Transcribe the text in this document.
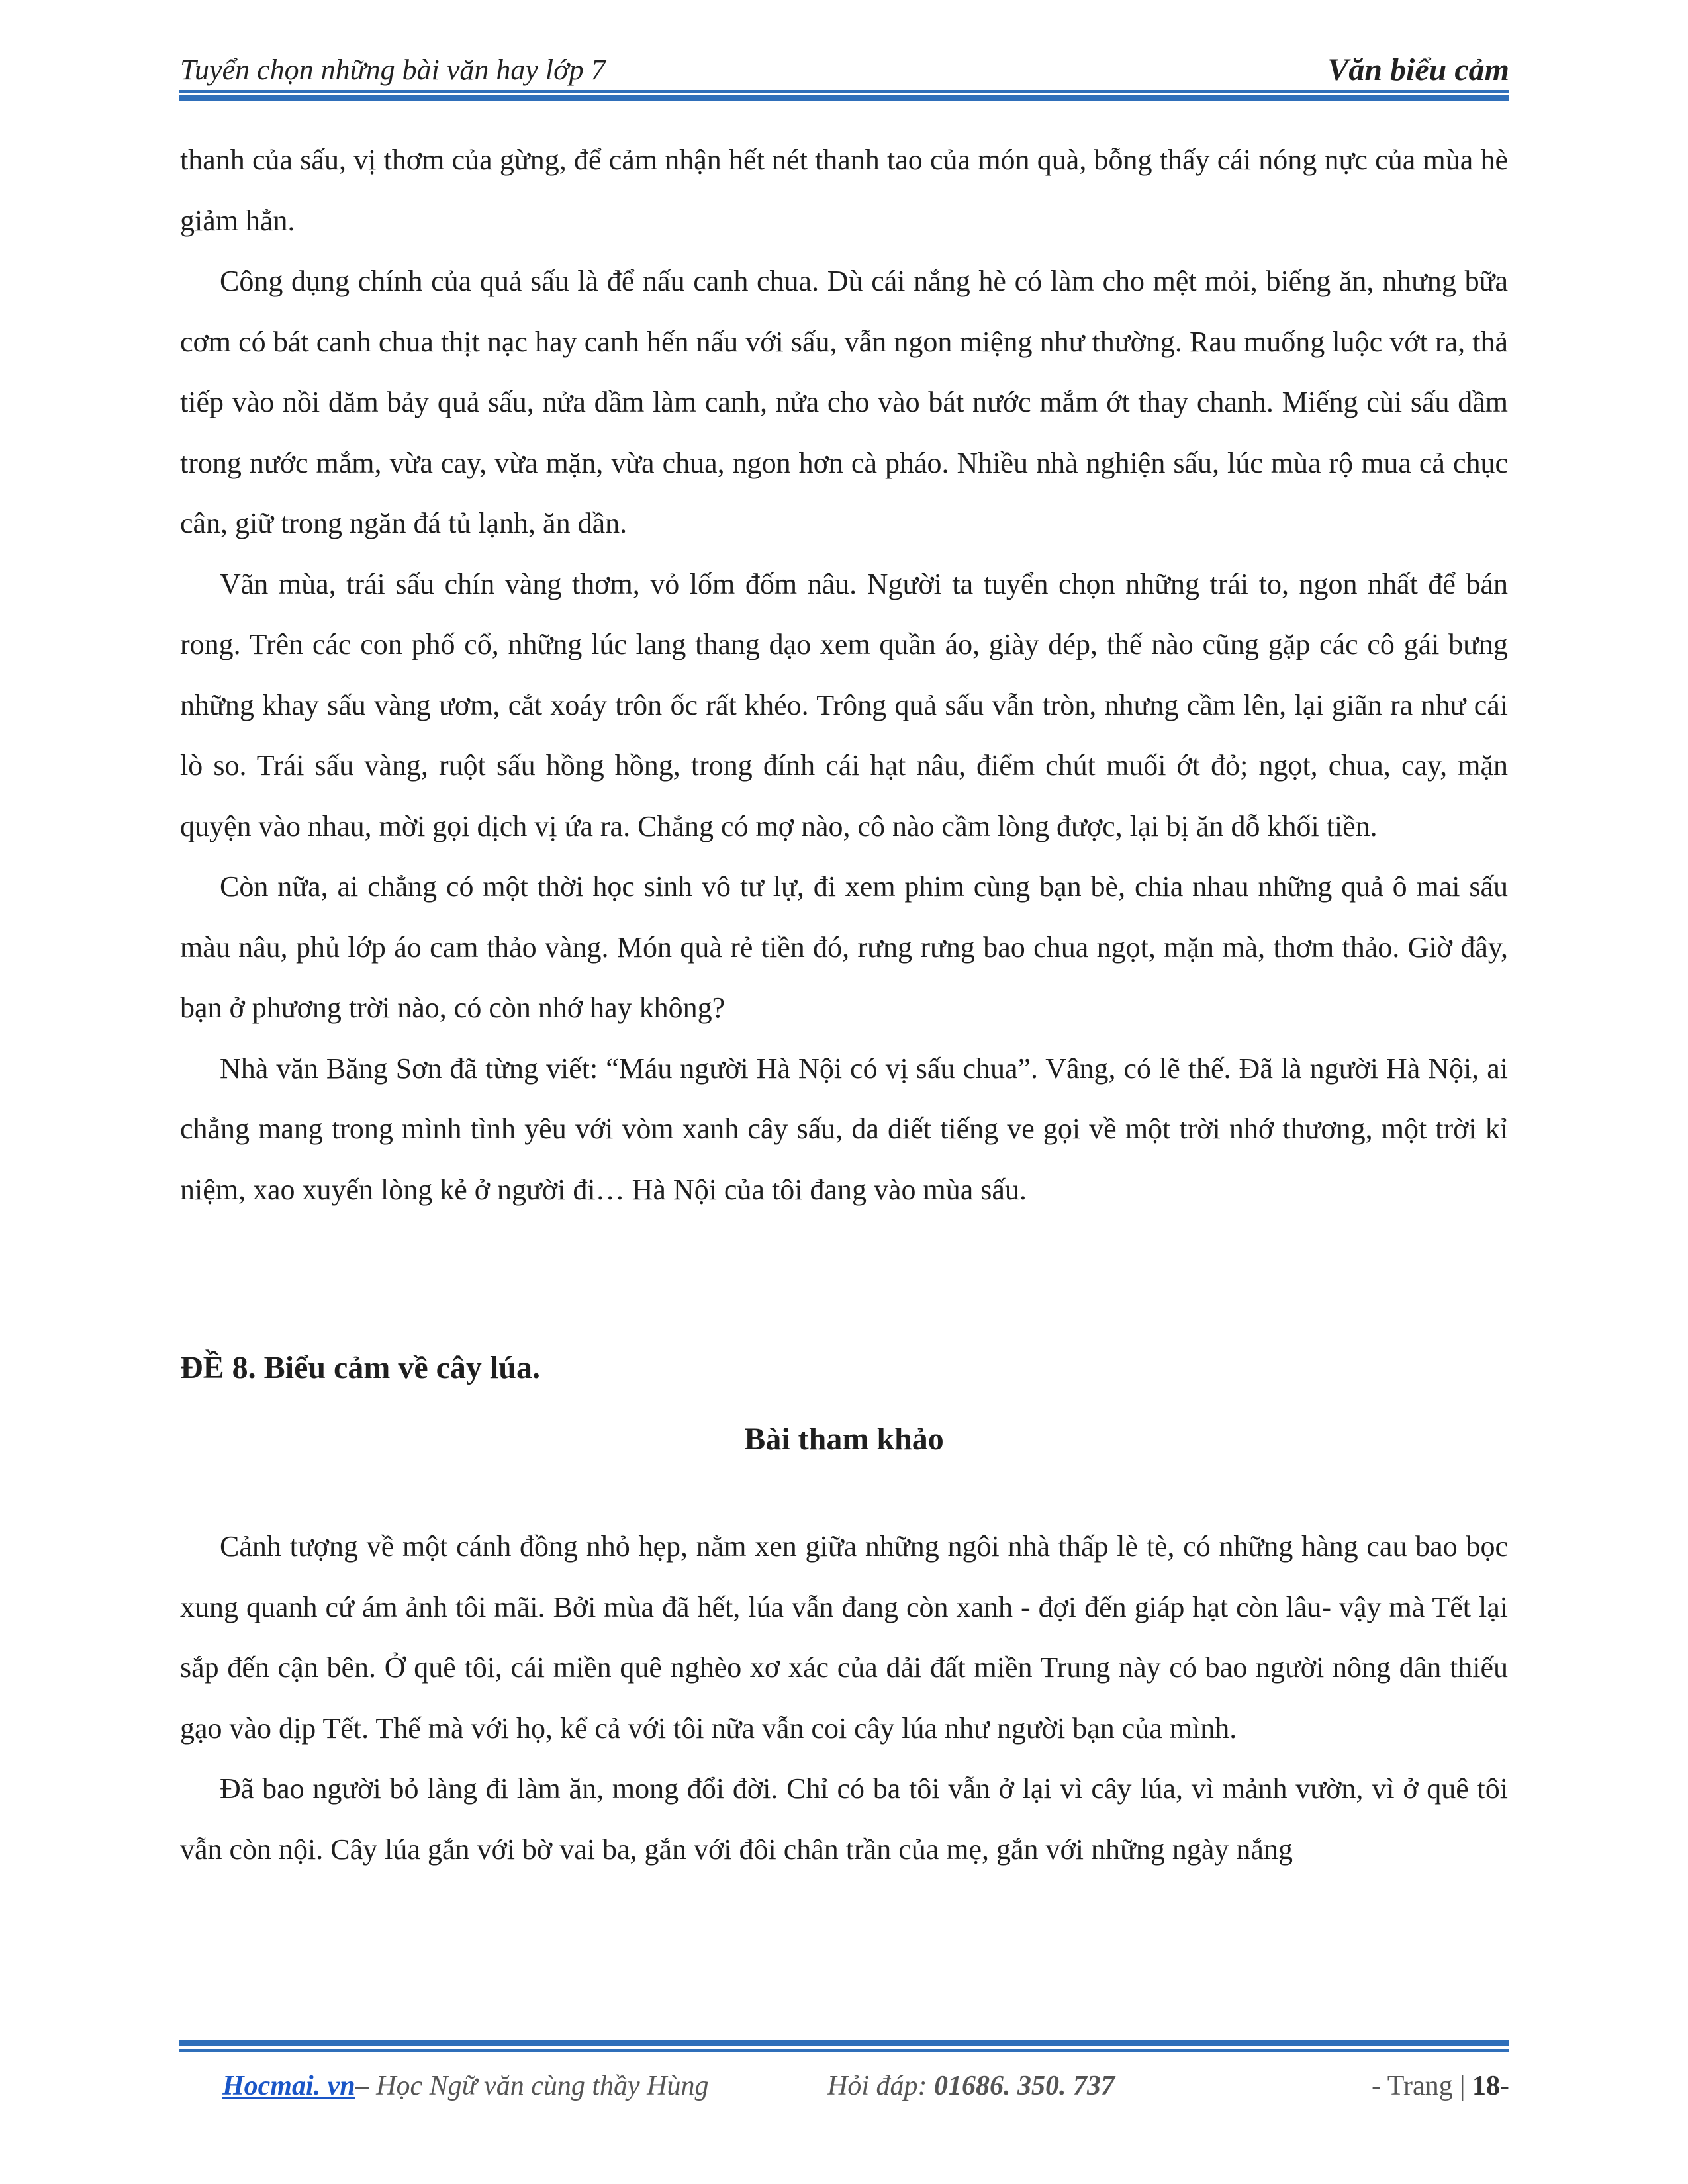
Tuyển chọn những bài văn hay lớp 7	Văn biểu cảm

thanh của sấu, vị thơm của gừng, để cảm nhận hết nét thanh tao của món quà, bỗng thấy cái nóng nực của mùa hè giảm hẳn.

Công dụng chính của quả sấu là để nấu canh chua. Dù cái nắng hè có làm cho mệt mỏi, biếng ăn, nhưng bữa cơm có bát canh chua thịt nạc hay canh hến nấu với sấu, vẫn ngon miệng như thường. Rau muống luộc vớt ra, thả tiếp vào nồi dăm bảy quả sấu, nửa dầm làm canh, nửa cho vào bát nước mắm ớt thay chanh. Miếng cùi sấu dầm trong nước mắm, vừa cay, vừa mặn, vừa chua, ngon hơn cà pháo. Nhiều nhà nghiện sấu, lúc mùa rộ mua cả chục cân, giữ trong ngăn đá tủ lạnh, ăn dần.

Vãn mùa, trái sấu chín vàng thơm, vỏ lốm đốm nâu. Người ta tuyển chọn những trái to, ngon nhất để bán rong. Trên các con phố cổ, những lúc lang thang dạo xem quần áo, giày dép, thế nào cũng gặp các cô gái bưng những khay sấu vàng ươm, cắt xoáy trôn ốc rất khéo. Trông quả sấu vẫn tròn, nhưng cầm lên, lại giãn ra như cái lò so. Trái sấu vàng, ruột sấu hồng hồng, trong đính cái hạt nâu, điểm chút muối ớt đỏ; ngọt, chua, cay, mặn quyện vào nhau, mời gọi dịch vị ứa ra. Chẳng có mợ nào, cô nào cầm lòng được, lại bị ăn dỗ khối tiền.

Còn nữa, ai chẳng có một thời học sinh vô tư lự, đi xem phim cùng bạn bè, chia nhau những quả ô mai sấu màu nâu, phủ lớp áo cam thảo vàng. Món quà rẻ tiền đó, rưng rưng bao chua ngọt, mặn mà, thơm thảo. Giờ đây, bạn ở phương trời nào, có còn nhớ hay không?

Nhà văn Băng Sơn đã từng viết: “Máu người Hà Nội có vị sấu chua”. Vâng, có lẽ thế. Đã là người Hà Nội, ai chẳng mang trong mình tình yêu với vòm xanh cây sấu, da diết tiếng ve gọi về một trời nhớ thương, một trời kỉ niệm, xao xuyến lòng kẻ ở người đi… Hà Nội của tôi đang vào mùa sấu.

ĐỀ 8. Biểu cảm về cây lúa.

Bài tham khảo

Cảnh tượng về một cánh đồng nhỏ hẹp, nằm xen giữa những ngôi nhà thấp lè tè, có những hàng cau bao bọc xung quanh cứ ám ảnh tôi mãi. Bởi mùa đã hết, lúa vẫn đang còn xanh - đợi đến giáp hạt còn lâu- vậy mà Tết lại sắp đến cận bên. Ở quê tôi, cái miền quê nghèo xơ xác của dải đất miền Trung này có bao người nông dân thiếu gạo vào dịp Tết. Thế mà với họ, kể cả với tôi nữa vẫn coi cây lúa như người bạn của mình.

Đã bao người bỏ làng đi làm ăn, mong đổi đời. Chỉ có ba tôi vẫn ở lại vì cây lúa, vì mảnh vườn, vì ở quê tôi vẫn còn nội. Cây lúa gắn với bờ vai ba, gắn với đôi chân trần của mẹ, gắn với những ngày nắng

Hocmai. vn– Học Ngữ văn cùng thầy Hùng	Hỏi đáp: 01686. 350. 737	- Trang | 18-
